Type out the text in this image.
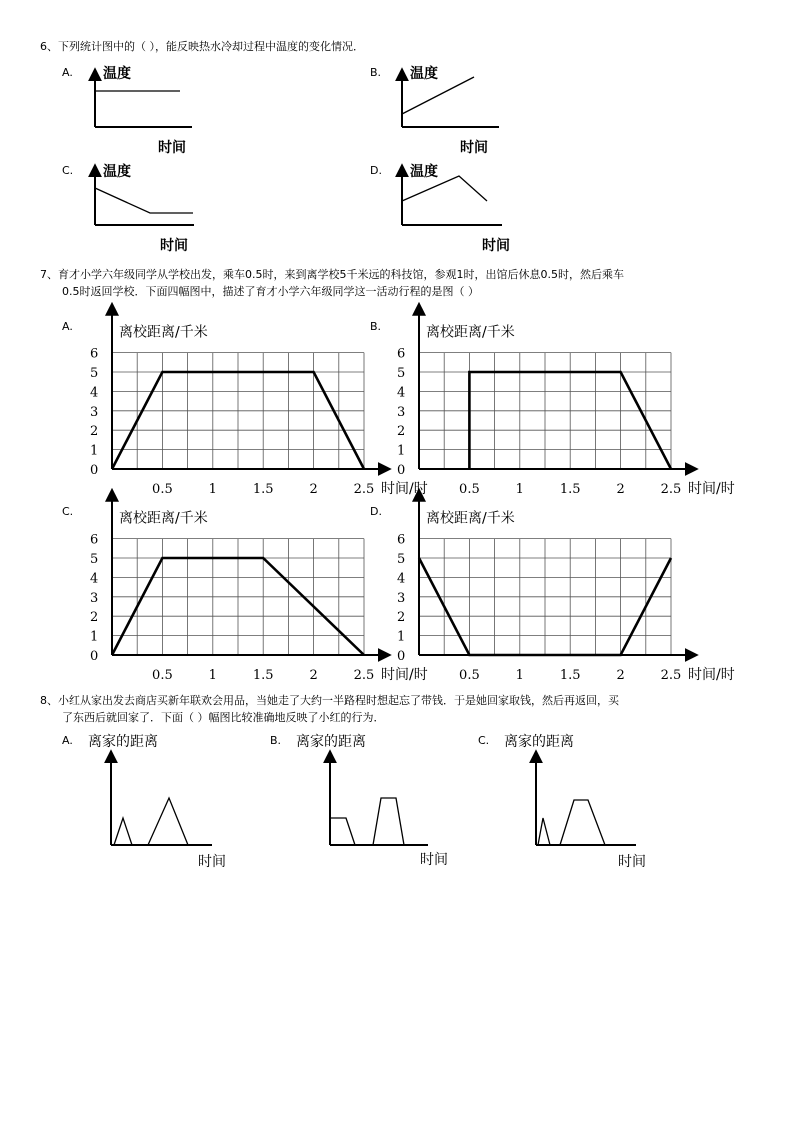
6、下列统计图中的（ ），能反映热水冷却过程中温度的变化情况．

A.	B.
C.	D.

7、育才小学六年级同学从学校出发，乘车0.5时，来到离学校5千米远的科技馆，参观1时，出馆后休息0.5时，然后乘车

0.5时返回学校．下面四幅图中，描述了育才小学六年级同学这一活动行程的是图（ ）

A.	B.
C.	D.

8、小红从家出发去商店买新年联欢会用品，当她走了大约一半路程时想起忘了带钱．于是她回家取钱，然后再返回，买

了东西后就回家了．下面（ ）幅图比较准确地反映了小红的行为．

A.	B.	C.
温度
时间
温度
时间
温度
时间
温度
时间
离校距离/千米
时间/时
6
5
4
3
2
1
0
0.5	1	1.5	2	2.5
离校距离/千米
时间/时
6
5
4
3
2
1
0
0.5	1	1.5	2	2.5
离校距离/千米
时间/时
6
5
4
3
2
1
0
0.5	1	1.5	2	2.5
离校距离/千米
时间/时
6
5
4
3
2
1
0
0.5	1	1.5	2	2.5
离家的距离
时间
离家的距离
时间
离家的距离
时间
